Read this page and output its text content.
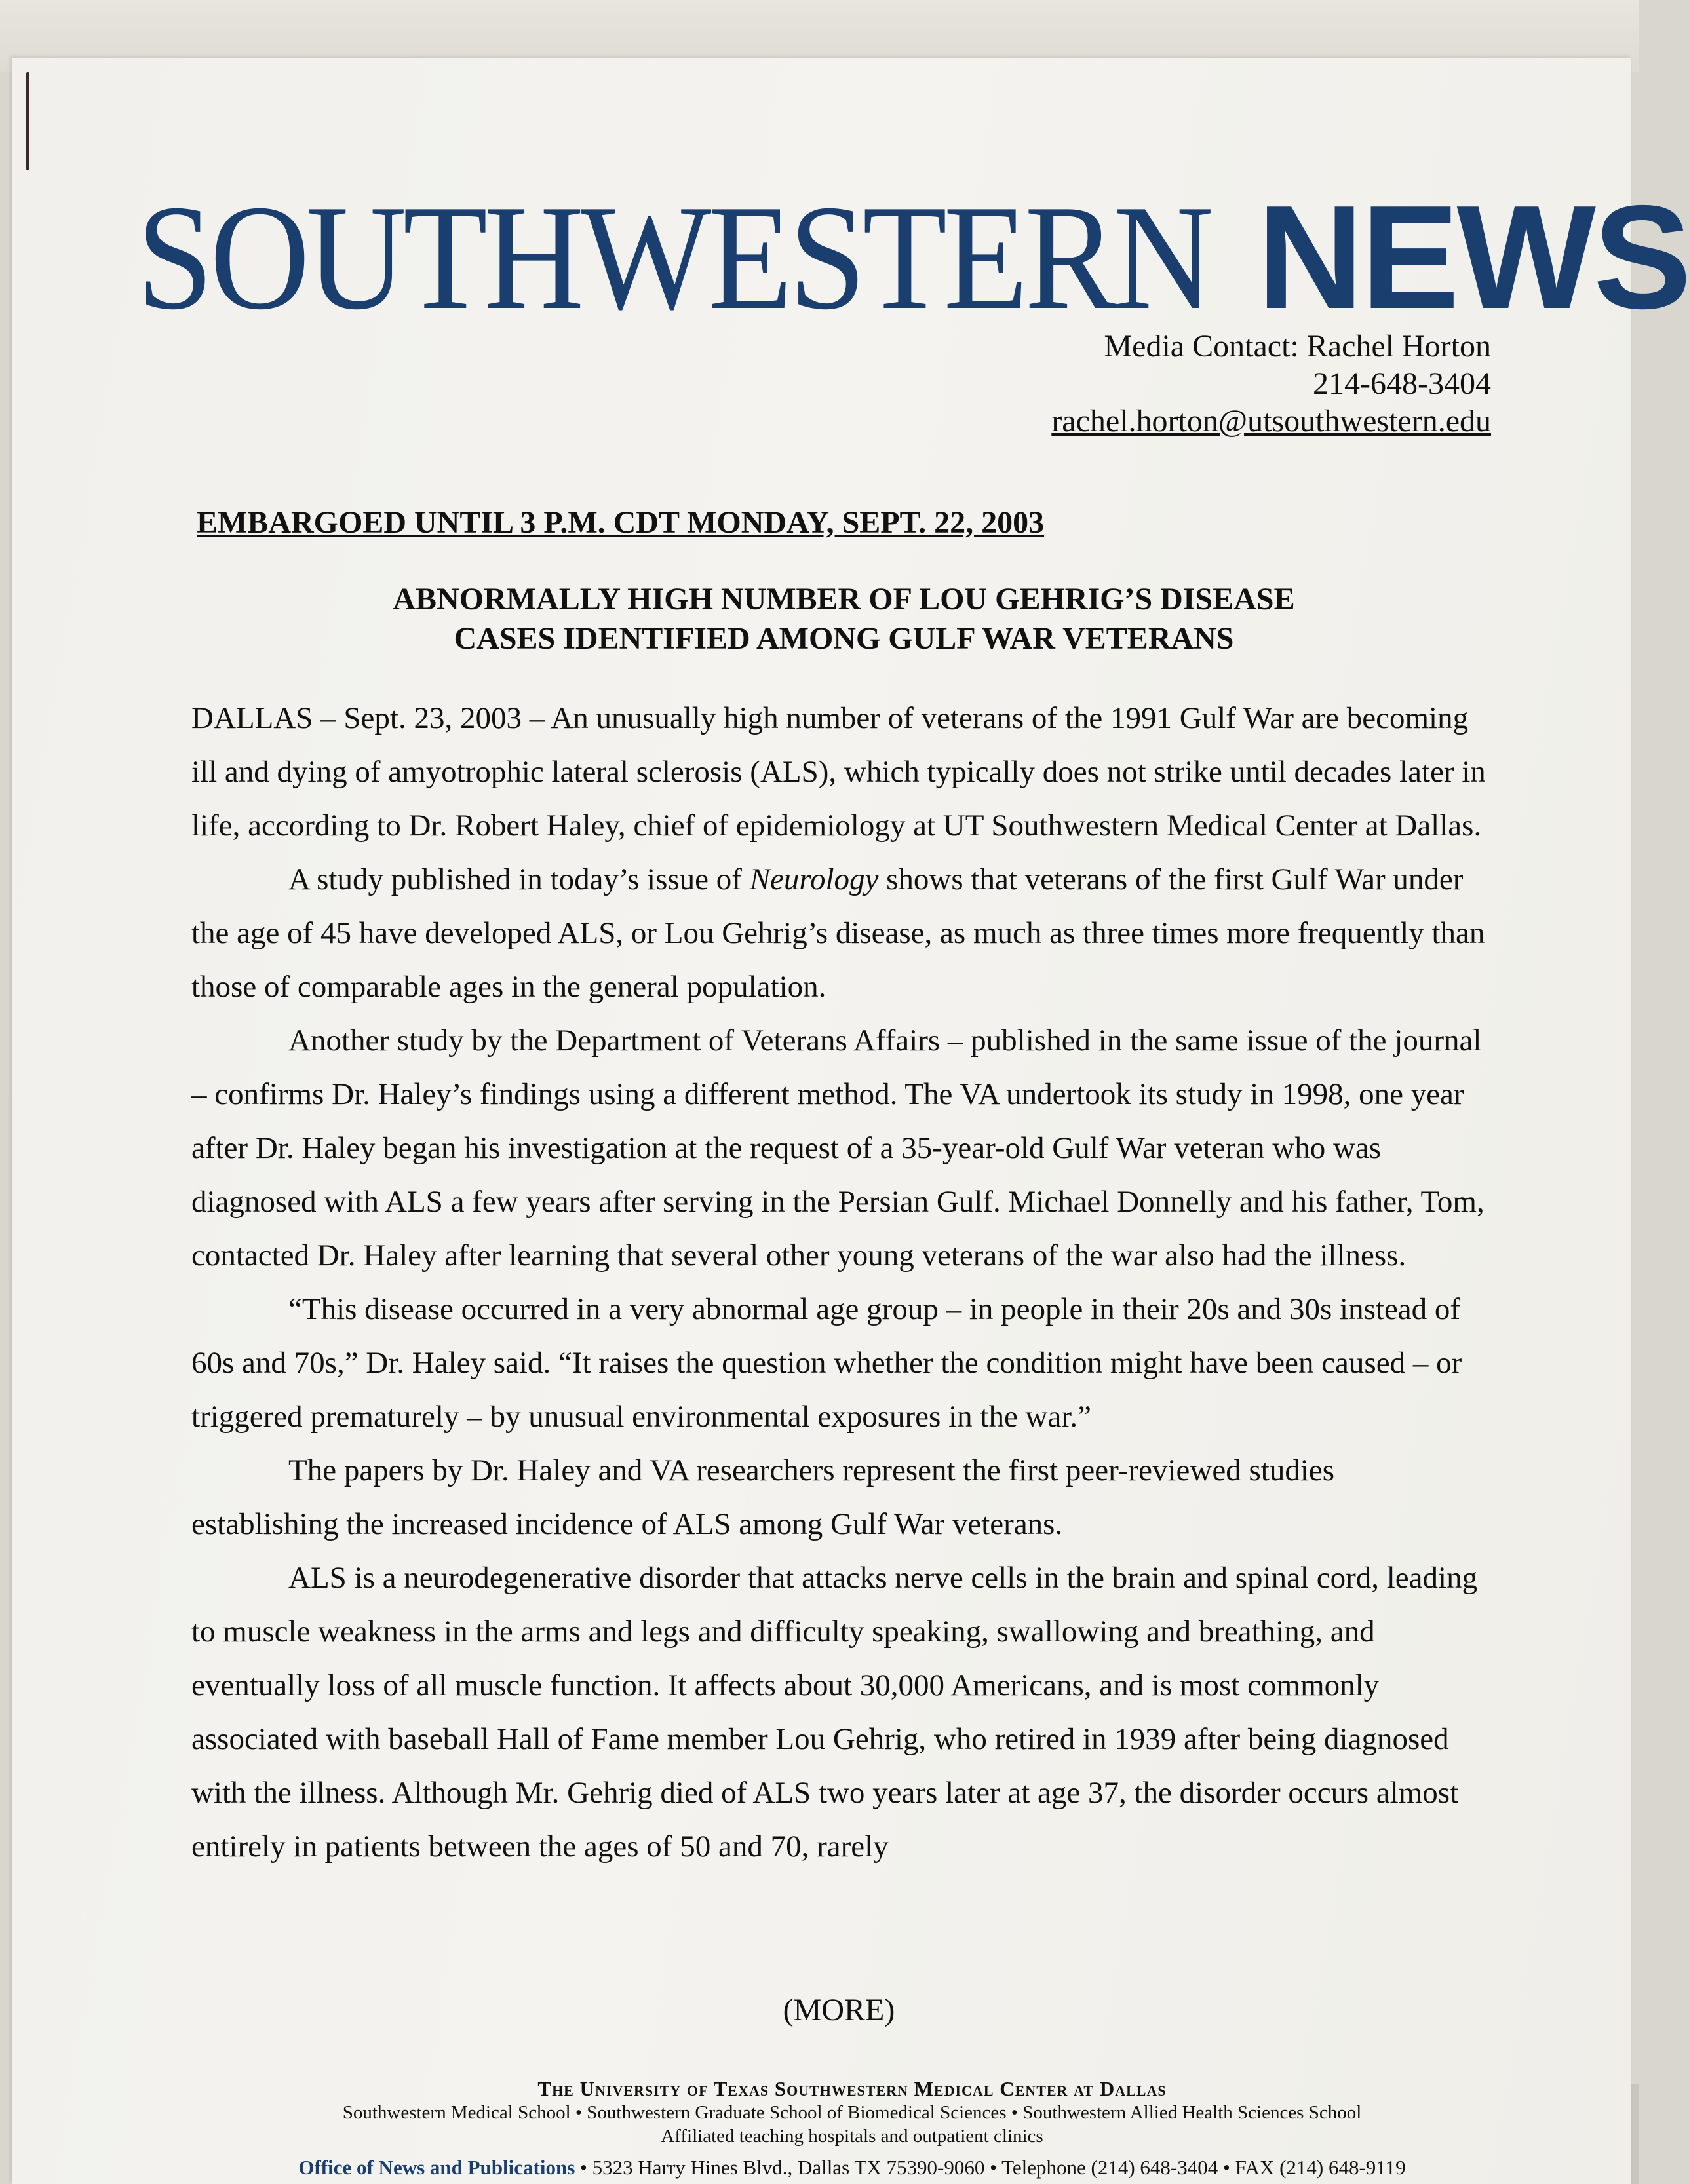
SOUTHWESTERN NEWS
Media Contact: Rachel Horton
214-648-3404
rachel.horton@utsouthwestern.edu
EMBARGOED UNTIL 3 P.M. CDT MONDAY, SEPT. 22, 2003
ABNORMALLY HIGH NUMBER OF LOU GEHRIG’S DISEASE
CASES IDENTIFIED AMONG GULF WAR VETERANS

DALLAS – Sept. 23, 2003 – An unusually high number of veterans of the 1991 Gulf War are becoming ill and dying of amyotrophic lateral sclerosis (ALS), which typically does not strike until decades later in life, according to Dr. Robert Haley, chief of epidemiology at UT Southwestern Medical Center at Dallas.

A study published in today’s issue of Neurology shows that veterans of the first Gulf War under the age of 45 have developed ALS, or Lou Gehrig’s disease, as much as three times more frequently than those of comparable ages in the general population.

Another study by the Department of Veterans Affairs – published in the same issue of the journal – confirms Dr. Haley’s findings using a different method. The VA undertook its study in 1998, one year after Dr. Haley began his investigation at the request of a 35-year-old Gulf War veteran who was diagnosed with ALS a few years after serving in the Persian Gulf. Michael Donnelly and his father, Tom, contacted Dr. Haley after learning that several other young veterans of the war also had the illness.

“This disease occurred in a very abnormal age group – in people in their 20s and 30s instead of 60s and 70s,” Dr. Haley said. “It raises the question whether the condition might have been caused – or triggered prematurely – by unusual environmental exposures in the war.”

The papers by Dr. Haley and VA researchers represent the first peer-reviewed studies establishing the increased incidence of ALS among Gulf War veterans.

ALS is a neurodegenerative disorder that attacks nerve cells in the brain and spinal cord, leading to muscle weakness in the arms and legs and difficulty speaking, swallowing and breathing, and eventually loss of all muscle function. It affects about 30,000 Americans, and is most commonly associated with baseball Hall of Fame member Lou Gehrig, who retired in 1939 after being diagnosed with the illness. Although Mr. Gehrig died of ALS two years later at age 37, the disorder occurs almost entirely in patients between the ages of 50 and 70, rarely

(MORE)
The University of Texas Southwestern Medical Center at Dallas
Southwestern Medical School • Southwestern Graduate School of Biomedical Sciences • Southwestern Allied Health Sciences School
Affiliated teaching hospitals and outpatient clinics
Office of News and Publications • 5323 Harry Hines Blvd., Dallas TX 75390-9060 • Telephone (214) 648-3404 • FAX (214) 648-9119
